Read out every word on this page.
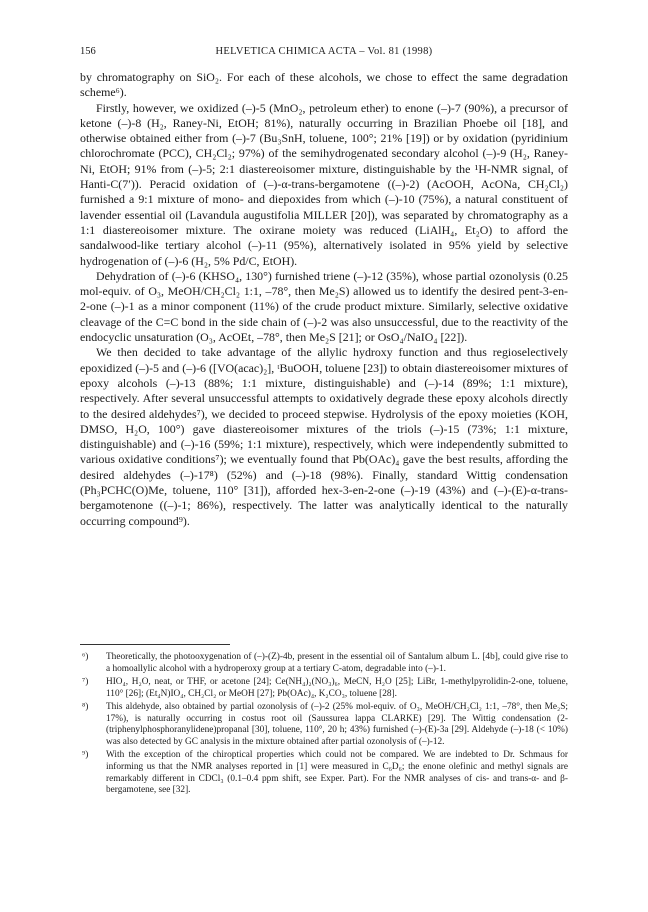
156	HELVETICA CHIMICA ACTA – Vol. 81 (1998)

by chromatography on SiO₂. For each of these alcohols, we chose to effect the same degradation scheme⁶).

Firstly, however, we oxidized (–)-5 (MnO₂, petroleum ether) to enone (–)-7 (90%), a precursor of ketone (–)-8 (H₂, Raney-Ni, EtOH; 81%), naturally occurring in Brazilian Phoebe oil [18], and otherwise obtained either from (–)-7 (Bu₃SnH, toluene, 100°; 21% [19]) or by oxidation (pyridinium chlorochromate (PCC), CH₂Cl₂; 97%) of the semihydrogenated secondary alcohol (–)-9 (H₂, Raney-Ni, EtOH; 91% from (–)-5; 2:1 diastereoisomer mixture, distinguishable by the ¹H-NMR signal, of Hanti-C(7′)). Peracid oxidation of (–)-α-trans-bergamotene ((–)-2) (AcOOH, AcONa, CH₂Cl₂) furnished a 9:1 mixture of mono- and diepoxides from which (–)-10 (75%), a natural constituent of lavender essential oil (Lavandula augustifolia MILLER [20]), was separated by chromatography as a 1:1 diastereoisomer mixture. The oxirane moiety was reduced (LiAlH₄, Et₂O) to afford the sandalwood-like tertiary alcohol (–)-11 (95%), alternatively isolated in 95% yield by selective hydrogenation of (–)-6 (H₂, 5% Pd/C, EtOH).

Dehydration of (–)-6 (KHSO₄, 130°) furnished triene (–)-12 (35%), whose partial ozonolysis (0.25 mol-equiv. of O₃, MeOH/CH₂Cl₂ 1:1, –78°, then Me₂S) allowed us to identify the desired pent-3-en-2-one (–)-1 as a minor component (11%) of the crude product mixture. Similarly, selective oxidative cleavage of the C=C bond in the side chain of (–)-2 was also unsuccessful, due to the reactivity of the endocyclic unsaturation (O₃, AcOEt, –78°, then Me₂S [21]; or OsO₄/NaIO₄ [22]).

We then decided to take advantage of the allylic hydroxy function and thus regioselectively epoxidized (–)-5 and (–)-6 ([VO(acac)₂], ᵗBuOOH, toluene [23]) to obtain diastereoisomer mixtures of epoxy alcohols (–)-13 (88%; 1:1 mixture, distinguishable) and (–)-14 (89%; 1:1 mixture), respectively. After several unsuccessful attempts to oxidatively degrade these epoxy alcohols directly to the desired aldehydes⁷), we decided to proceed stepwise. Hydrolysis of the epoxy moieties (KOH, DMSO, H₂O, 100°) gave diastereoisomer mixtures of the triols (–)-15 (73%; 1:1 mixture, distinguishable) and (–)-16 (59%; 1:1 mixture), respectively, which were independently submitted to various oxidative conditions⁷); we eventually found that Pb(OAc)₄ gave the best results, affording the desired aldehydes (–)-17⁸) (52%) and (–)-18 (98%). Finally, standard Wittig condensation (Ph₃PCHC(O)Me, toluene, 110° [31]), afforded hex-3-en-2-one (–)-19 (43%) and (–)-(E)-α-trans-bergamotenone ((–)-1; 86%), respectively. The latter was analytically identical to the naturally occurring compound⁹).

⁶) Theoretically, the photooxygenation of (–)-(Z)-4b, present in the essential oil of Santalum album L. [4b], could give rise to a homoallylic alcohol with a hydroperoxy group at a tertiary C-atom, degradable into (–)-1.
⁷) HIO₄, H₂O, neat, or THF, or acetone [24]; Ce(NH₄)₂(NO₃)₆, MeCN, H₂O [25]; LiBr, 1-methylpyrolidin-2-one, toluene, 110° [26]; (Et₄N)IO₄, CH₂Cl₂ or MeOH [27]; Pb(OAc)₄, K₂CO₃, toluene [28].
⁸) This aldehyde, also obtained by partial ozonolysis of (–)-2 (25% mol-equiv. of O₃, MeOH/CH₂Cl₂ 1:1, –78°, then Me₂S; 17%), is naturally occurring in costus root oil (Saussurea lappa CLARKE) [29]. The Wittig condensation (2-(triphenylphosphoranylidene)propanal [30], toluene, 110°, 20 h; 43%) furnished (–)-(E)-3a [29]. Aldehyde (–)-18 (< 10%) was also detected by GC analysis in the mixture obtained after partial ozonolysis of (–)-12.
⁹) With the exception of the chiroptical properties which could not be compared. We are indebted to Dr. Schmaus for informing us that the NMR analyses reported in [1] were measured in C₆D₆; the enone olefinic and methyl signals are remarkably different in CDCl₃ (0.1–0.4 ppm shift, see Exper. Part). For the NMR analyses of cis- and trans-α- and β-bergamotene, see [32].
